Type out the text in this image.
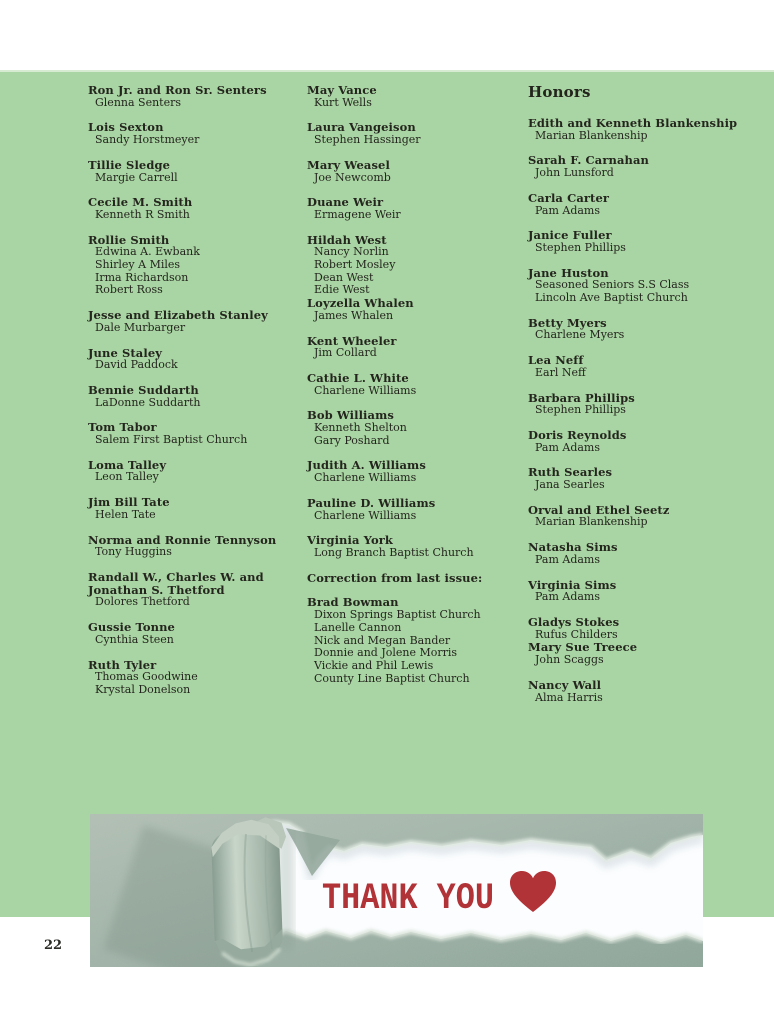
Ron Jr. and Ron Sr. Senters
Glenna Senters
Lois Sexton
Sandy Horstmeyer
Tillie Sledge
Margie Carrell
Cecile M. Smith
Kenneth R Smith
Rollie Smith
Edwina A. Ewbank
Shirley A Miles
Irma Richardson
Robert Ross
Jesse and Elizabeth Stanley
Dale Murbarger
June Staley
David Paddock
Bennie Suddarth
LaDonne Suddarth
Tom Tabor
Salem First Baptist Church
Loma Talley
Leon Talley
Jim Bill Tate
Helen Tate
Norma and Ronnie Tennyson
Tony Huggins
Randall W., Charles W. and Jonathan S. Thetford
Dolores Thetford
Gussie Tonne
Cynthia Steen
Ruth Tyler
Thomas Goodwine
Krystal Donelson
May Vance
Kurt Wells
Laura Vangeison
Stephen Hassinger
Mary Weasel
Joe Newcomb
Duane Weir
Ermagene Weir
Hildah West
Nancy Norlin
Robert Mosley
Dean West
Edie West
Loyzella Whalen
James Whalen
Kent Wheeler
Jim Collard
Cathie L. White
Charlene Williams
Bob Williams
Kenneth Shelton
Gary Poshard
Judith A. Williams
Charlene Williams
Pauline D. Williams
Charlene Williams
Virginia York
Long Branch Baptist Church
Correction from last issue:
Brad Bowman
Dixon Springs Baptist Church
Lanelle Cannon
Nick and Megan Bander
Donnie and Jolene Morris
Vickie and Phil Lewis
County Line Baptist Church
Honors
Edith and Kenneth Blankenship
Marian Blankenship
Sarah F. Carnahan
John Lunsford
Carla Carter
Pam Adams
Janice Fuller
Stephen Phillips
Jane Huston
Seasoned Seniors S.S Class
Lincoln Ave Baptist Church
Betty Myers
Charlene Myers
Lea Neff
Earl Neff
Barbara Phillips
Stephen Phillips
Doris Reynolds
Pam Adams
Ruth Searles
Jana Searles
Orval and Ethel Seetz
Marian Blankenship
Natasha Sims
Pam Adams
Virginia Sims
Pam Adams
Gladys Stokes
Rufus Childers
Mary Sue Treece
John Scaggs
Nancy Wall
Alma Harris
THANK YOU
22
